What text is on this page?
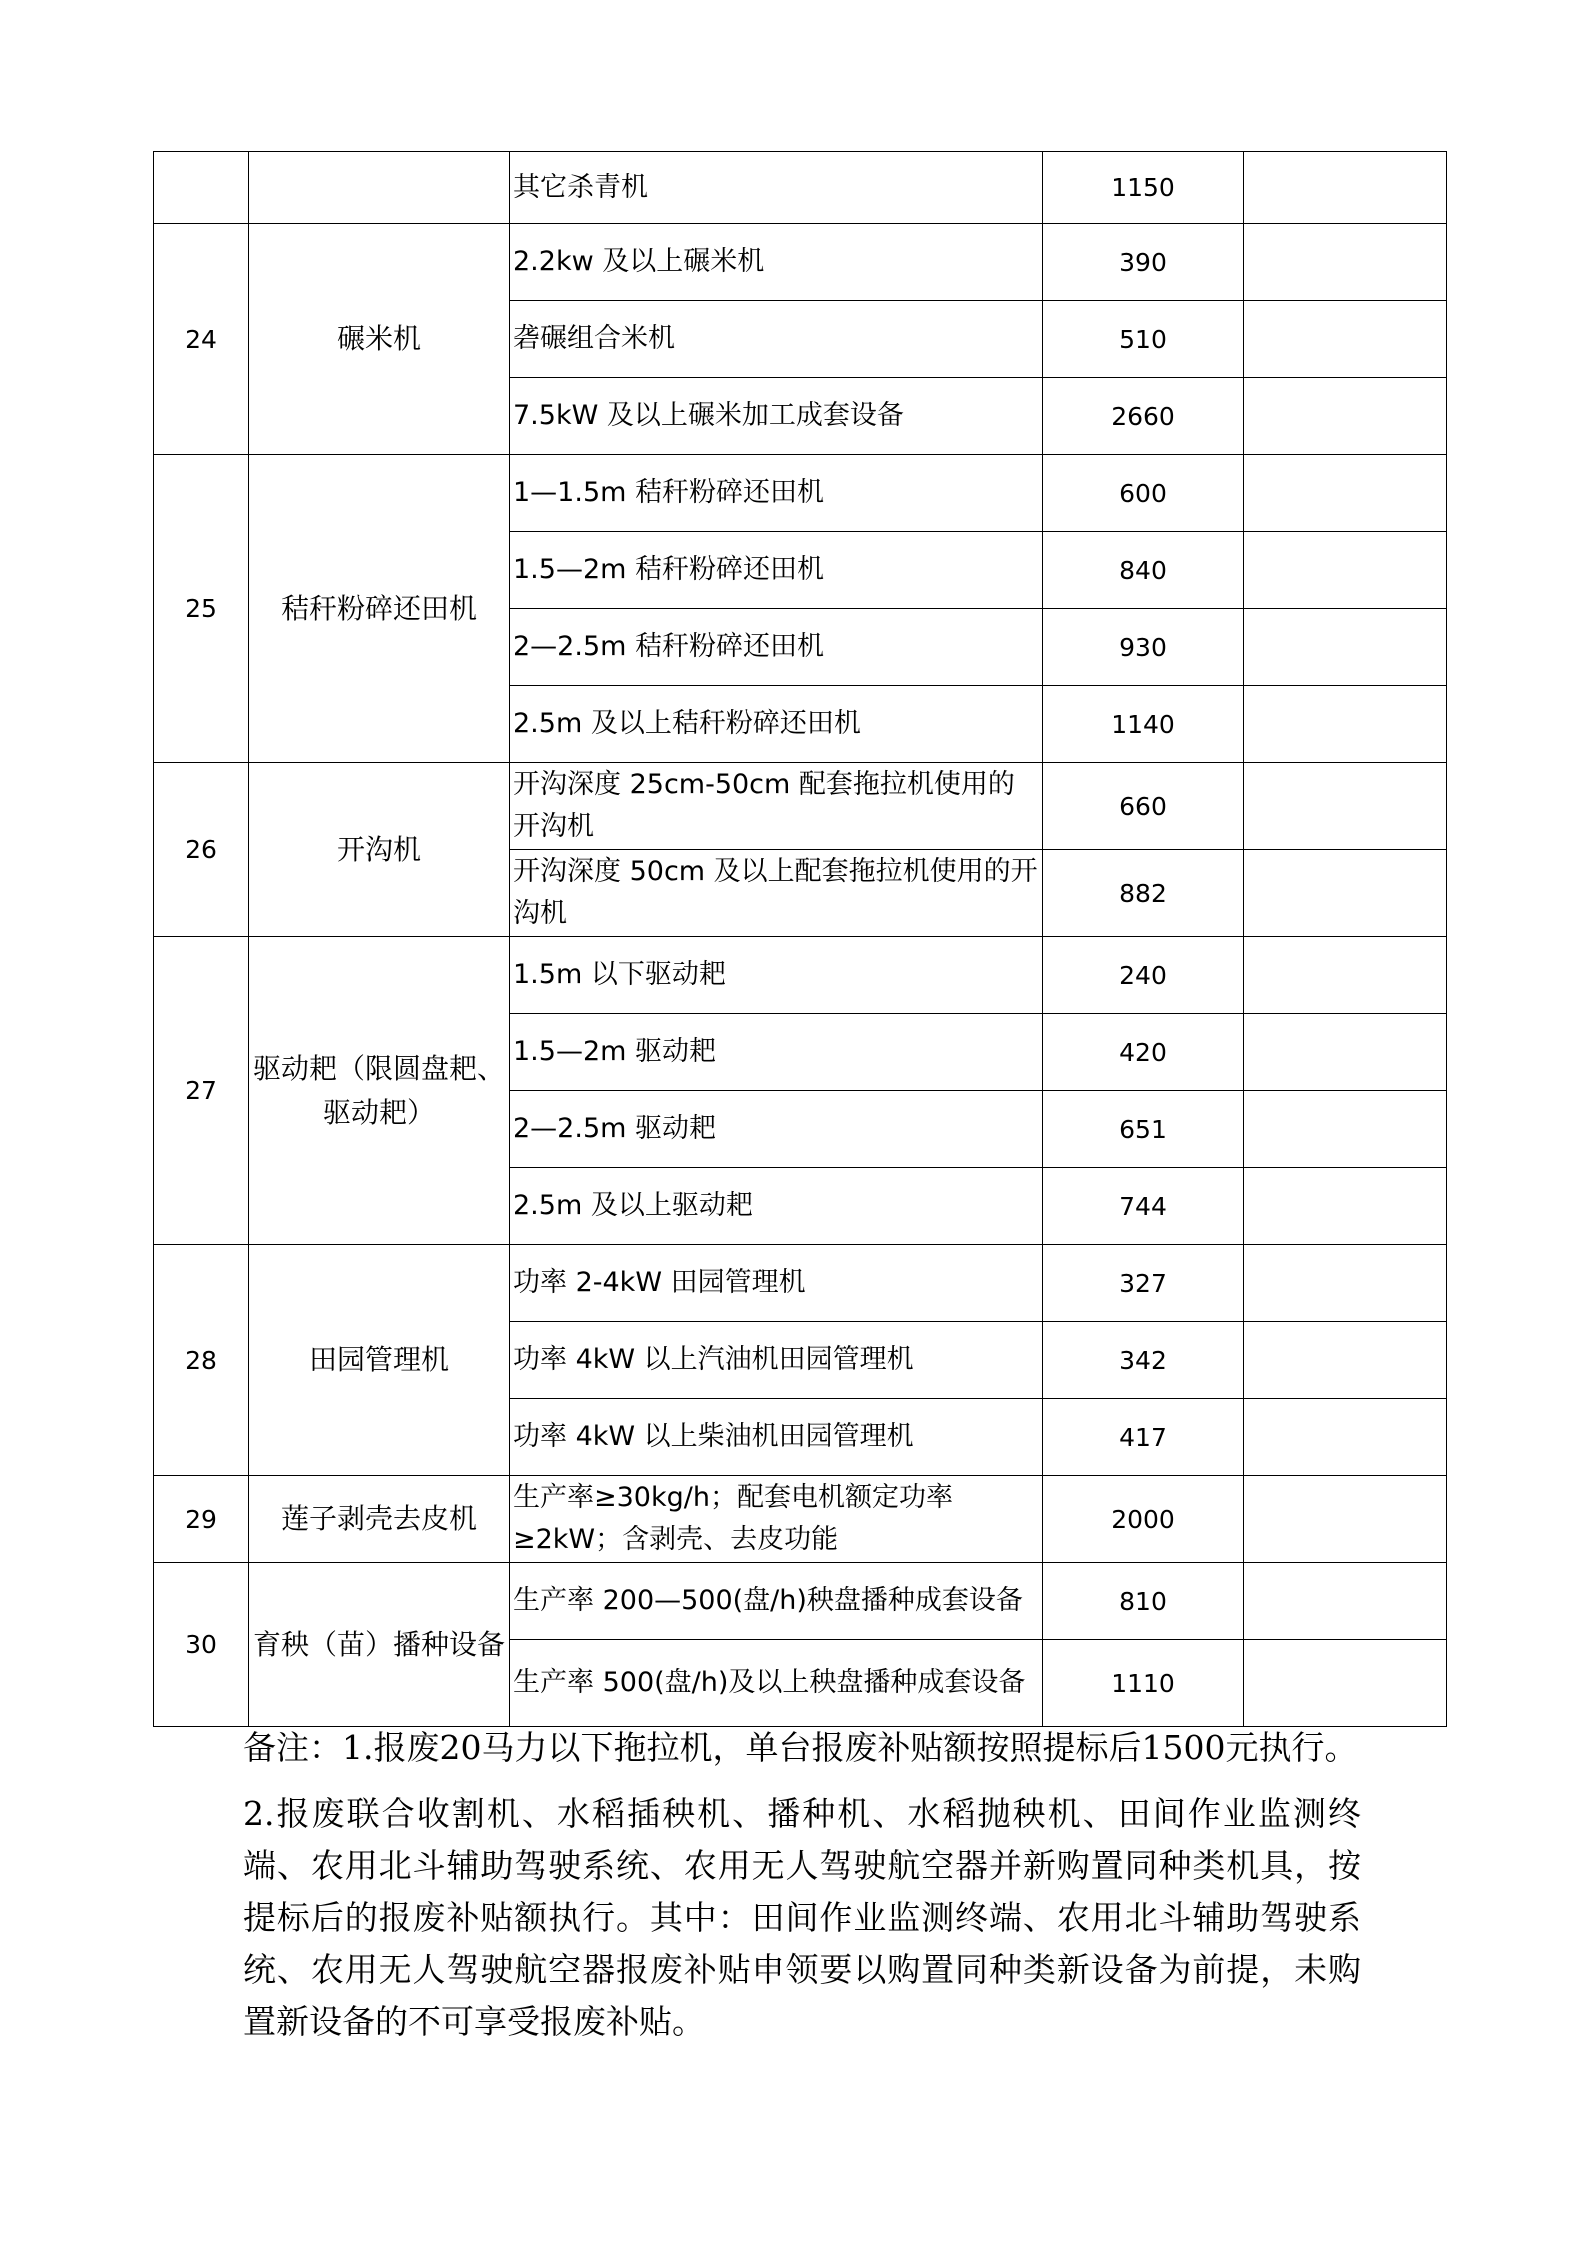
		其它杀青机	1150	
24	碾米机	2.2kw 及以上碾米机	390	
		砻碾组合米机	510	
		7.5kW 及以上碾米加工成套设备	2660	
25	秸秆粉碎还田机	1—1.5m 秸秆粉碎还田机	600	
		1.5—2m 秸秆粉碎还田机	840	
		2—2.5m 秸秆粉碎还田机	930	
		2.5m 及以上秸秆粉碎还田机	1140	
26	开沟机	开沟深度 25cm-50cm 配套拖拉机使用的开沟机	660	
		开沟深度 50cm 及以上配套拖拉机使用的开沟机	882	
27	驱动耙（限圆盘耙、驱动耙）	1.5m 以下驱动耙	240	
		1.5—2m 驱动耙	420	
		2—2.5m 驱动耙	651	
		2.5m 及以上驱动耙	744	
28	田园管理机	功率 2-4kW 田园管理机	327	
		功率 4kW 以上汽油机田园管理机	342	
		功率 4kW 以上柴油机田园管理机	417	
29	莲子剥壳去皮机	生产率≥30kg/h；配套电机额定功率≥2kW；含剥壳、去皮功能	2000	
30	育秧（苗）播种设备	生产率 200—500(盘/h)秧盘播种成套设备	810	
		生产率 500(盘/h)及以上秧盘播种成套设备	1110	

备注：1.报废20马力以下拖拉机，单台报废补贴额按照提标后1500元执行。

2.报废联合收割机、水稻插秧机、播种机、水稻抛秧机、田间作业监测终端、农用北斗辅助驾驶系统、农用无人驾驶航空器并新购置同种类机具，按提标后的报废补贴额执行。其中：田间作业监测终端、农用北斗辅助驾驶系统、农用无人驾驶航空器报废补贴申领要以购置同种类新设备为前提，未购置新设备的不可享受报废补贴。
